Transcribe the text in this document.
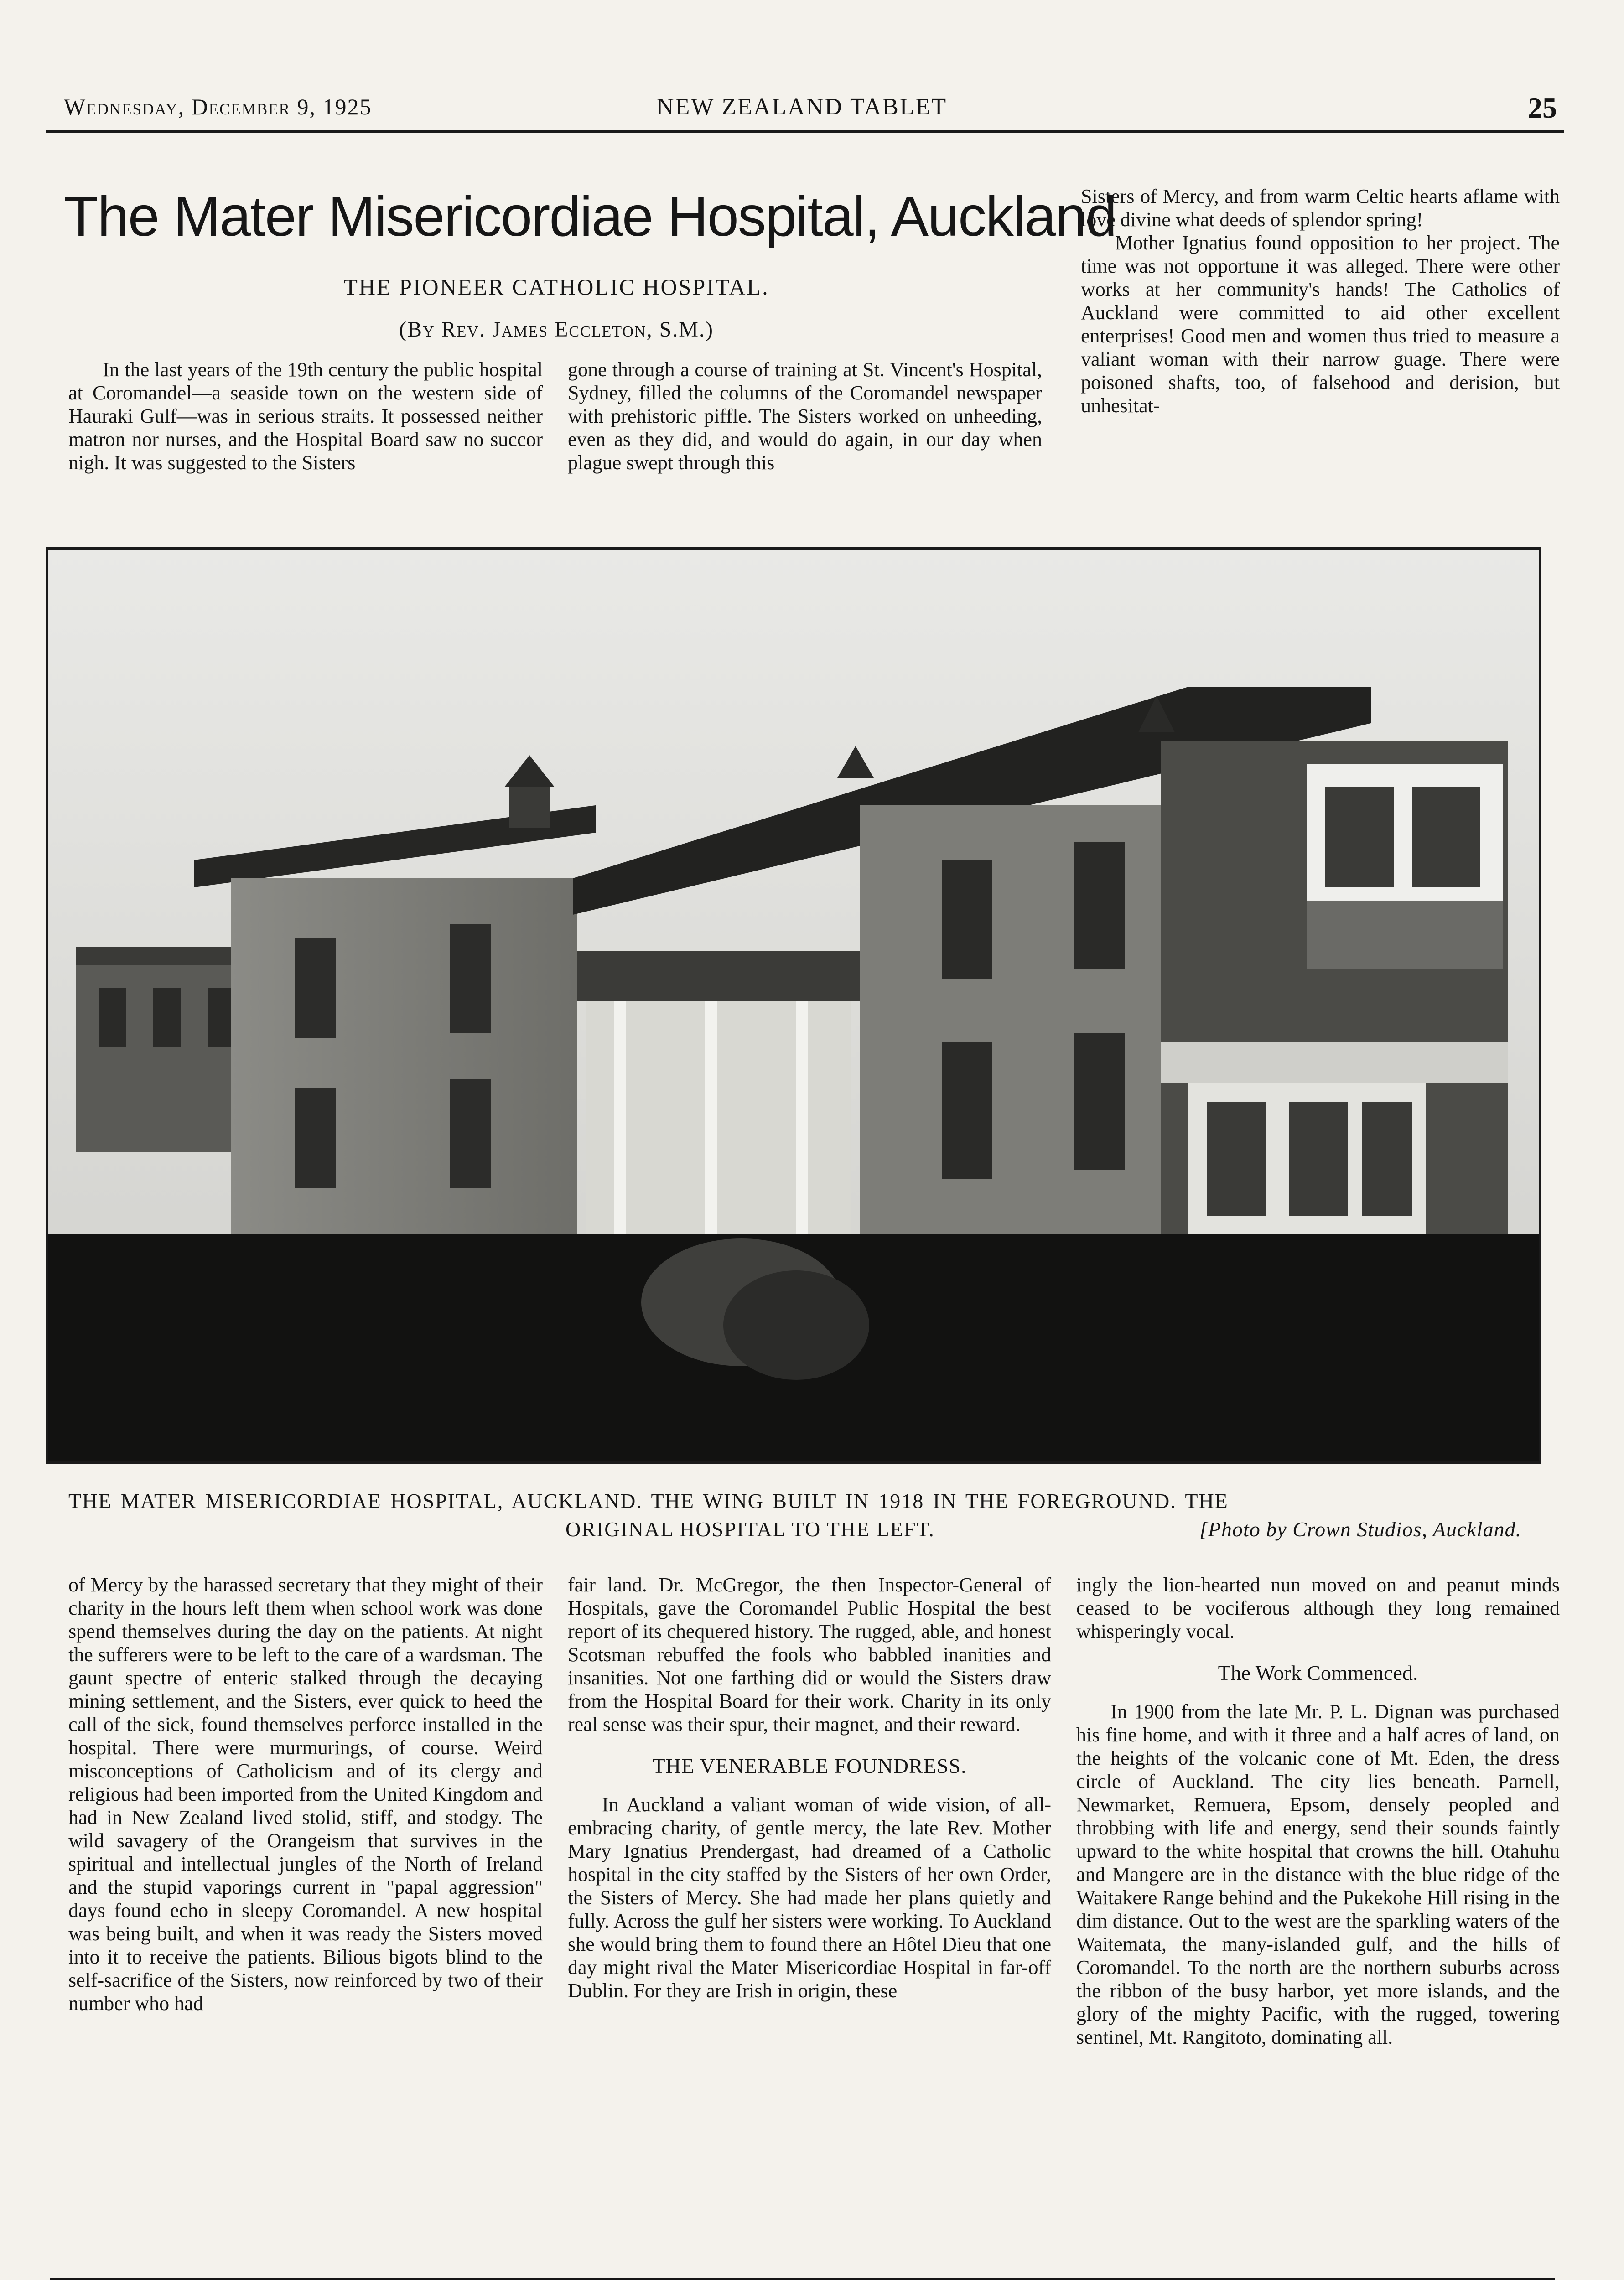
Wednesday, December 9, 1925	NEW ZEALAND TABLET	25
The Mater Misericordiae Hospital, Auckland
THE PIONEER CATHOLIC HOSPITAL.
(By Rev. James Eccleton, S.M.)

In the last years of the 19th century the public hospital at Coromandel—a seaside town on the western side of Hauraki Gulf—was in serious straits. It possessed neither matron nor nurses, and the Hospital Board saw no succor nigh. It was suggested to the Sisters

gone through a course of training at St. Vincent's Hospital, Sydney, filled the columns of the Coromandel newspaper with prehistoric piffle. The Sisters worked on unheeding, even as they did, and would do again, in our day when plague swept through this

Sisters of Mercy, and from warm Celtic hearts aflame with love divine what deeds of splendor spring!

Mother Ignatius found opposition to her project. The time was not opportune it was alleged. There were other works at her community's hands! The Catholics of Auckland were committed to aid other excellent enterprises! Good men and women thus tried to measure a valiant woman with their narrow guage. There were poisoned shafts, too, of falsehood and derision, but unhesitat-

THE MATER MISERICORDIAE HOSPITAL, AUCKLAND. THE WING BUILT IN 1918 IN THE FOREGROUND. THE
ORIGINAL HOSPITAL TO THE LEFT.	[Photo by Crown Studios, Auckland.

of Mercy by the harassed secretary that they might of their charity in the hours left them when school work was done spend themselves during the day on the patients. At night the sufferers were to be left to the care of a wardsman. The gaunt spectre of enteric stalked through the decaying mining settlement, and the Sisters, ever quick to heed the call of the sick, found themselves perforce installed in the hospital. There were murmurings, of course. Weird misconceptions of Catholicism and of its clergy and religious had been imported from the United Kingdom and had in New Zealand lived stolid, stiff, and stodgy. The wild savagery of the Orangeism that survives in the spiritual and intellectual jungles of the North of Ireland and the stupid vaporings current in "papal aggression" days found echo in sleepy Coromandel. A new hospital was being built, and when it was ready the Sisters moved into it to receive the patients. Bilious bigots blind to the self-sacrifice of the Sisters, now reinforced by two of their number who had

fair land. Dr. McGregor, the then Inspector-General of Hospitals, gave the Coromandel Public Hospital the best report of its chequered history. The rugged, able, and honest Scotsman rebuffed the fools who babbled inanities and insanities. Not one farthing did or would the Sisters draw from the Hospital Board for their work. Charity in its only real sense was their spur, their magnet, and their reward.

THE VENERABLE FOUNDRESS.

In Auckland a valiant woman of wide vision, of all-embracing charity, of gentle mercy, the late Rev. Mother Mary Ignatius Prendergast, had dreamed of a Catholic hospital in the city staffed by the Sisters of her own Order, the Sisters of Mercy. She had made her plans quietly and fully. Across the gulf her sisters were working. To Auckland she would bring them to found there an Hôtel Dieu that one day might rival the Mater Misericordiae Hospital in far-off Dublin. For they are Irish in origin, these

ingly the lion-hearted nun moved on and peanut minds ceased to be vociferous although they long remained whisperingly vocal.

The Work Commenced.

In 1900 from the late Mr. P. L. Dignan was purchased his fine home, and with it three and a half acres of land, on the heights of the volcanic cone of Mt. Eden, the dress circle of Auckland. The city lies beneath. Parnell, Newmarket, Remuera, Epsom, densely peopled and throbbing with life and energy, send their sounds faintly upward to the white hospital that crowns the hill. Otahuhu and Mangere are in the distance with the blue ridge of the Waitakere Range behind and the Pukekohe Hill rising in the dim distance. Out to the west are the sparkling waters of the Waitemata, the many-islanded gulf, and the hills of Coromandel. To the north are the northern suburbs across the ribbon of the busy harbor, yet more islands, and the glory of the mighty Pacific, with the rugged, towering sentinel, Mt. Rangitoto, dominating all.
